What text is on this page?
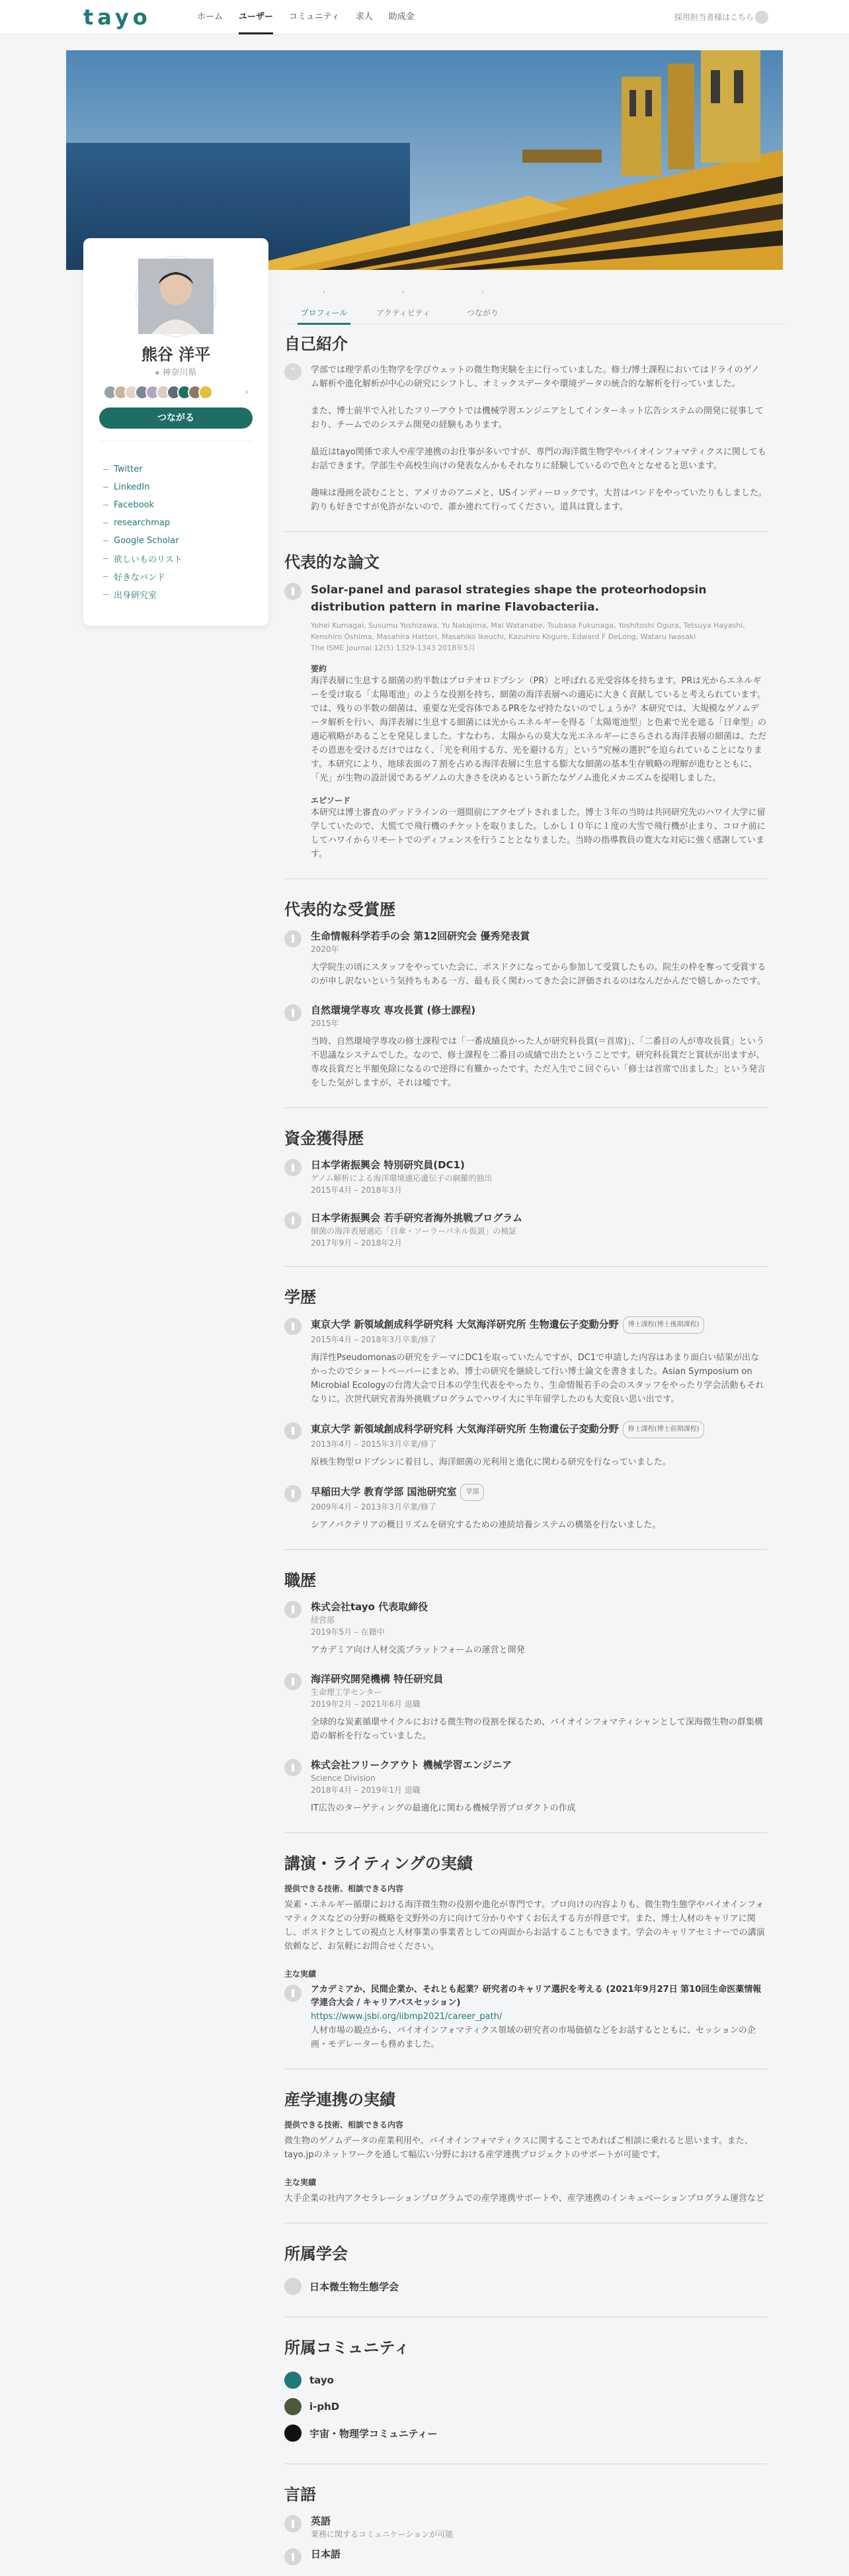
tayo	ホーム ユーザー コミュニティ 求人 助成金	採用担当者様はこちら
熊谷 洋平
⦁ 神奈川県
›
つながる
Twitter
LinkedIn
Facebook
researchmap
Google Scholar
欲しいものリスト
好きなバンド
出身研究室
›
プロフィール
›
アクティビティ
›
つながり
自己紹介
“	学部では理学系の生物学を学びウェットの微生物実験を主に行っていました。修士/博士課程においてはドライのゲノム解析や進化解析が中心の研究にシフトし、オミックスデータや環境データの統合的な解析を行っていました。

また、博士前半で入社したフリーアウトでは機械学習エンジニアとしてインターネット広告システムの開発に従事しており、チームでのシステム開発の経験もあります。

最近はtayo関係で求人や産学連携のお仕事が多いですが、専門の海洋微生物学やバイオインフォマティクスに関してもお話できます。学部生や高校生向けの発表なんかもそれなりに経験しているので色々となせると思います。

趣味は漫画を読むことと、アメリカのアニメと、USインディーロックです。大昔はバンドをやっていたりもしました。釣りも好きですが免許がないので、誰か連れて行ってください。道具は貸します。

代表的な論文
Solar-panel and parasol strategies shape the proteorhodopsin distribution pattern in marine Flavobacteriia.
Yohei Kumagai, Susumu Yoshizawa, Yu Nakajima, Mai Watanabe, Tsubasa Fukunaga, Yoshitoshi Ogura, Tetsuya Hayashi, Kenshiro Oshima, Masahira Hattori, Masahiko Ikeuchi, Kazuhiro Kogure, Edward F DeLong, Wataru Iwasaki
The ISME Journal 12(5) 1329-1343 2018年5月
要約
海洋表層に生息する細菌の約半数はプロテオロドプシン（PR）と呼ばれる光受容体を持ちます。PRは光からエネルギーを受け取る「太陽電池」のような役割を持ち、細菌の海洋表層への適応に大きく貢献していると考えられています。では、残りの半数の細菌は、重要な光受容体であるPRをなぜ持たないのでしょうか？本研究では、大規模なゲノムデータ解析を行い、海洋表層に生息する細菌には光からエネルギーを得る「太陽電池型」と色素で光を遮る「日傘型」の適応戦略があることを発見しました。すなわち、太陽からの莫大な光エネルギーにさらされる海洋表層の細菌は、ただその恩恵を受けるだけではなく、「光を利用する方、光を避ける方」という“究極の選択”を迫られていることになります。本研究により、地球表面の７割を占める海洋表層に生息する膨大な細菌の基本生存戦略の理解が進むとともに、「光」が生物の設計図であるゲノムの大きさを決めるという新たなゲノム進化メカニズムを提唱しました。
エピソード
本研究は博士審査のデッドラインの一週間前にアクセプトされました。博士３年の当時は共同研究先のハワイ大学に留学していたので、大慌てで飛行機のチケットを取りました。しかし１０年に１度の大雪で飛行機が止まり、コロナ前にしてハワイからリモートでのディフェンスを行うこととなりました。当時の指導教員の寛大な対応に強く感謝しています。
代表的な受賞歴
生命情報科学若手の会 第12回研究会 優秀発表賞
2020年
大学院生の頃にスタッフをやっていた会に、ポスドクになってから参加して受賞したもの。院生の枠を奪って受賞するのが申し訳ないという気持ちもある一方、最も長く関わってきた会に評価されるのはなんだかんだで嬉しかったです。
自然環境学専攻 専攻長賞 (修士課程)
2015年
当時、自然環境学専攻の修士課程では「一番成績良かった人が研究科長賞(＝首席)」、「二番目の人が専攻長賞」という不思議なシステムでした。なので、修士課程を二番目の成績で出たということです。研究科長賞だと賞状が出ますが、専攻長賞だと半額免除になるので逆得に有難かったです。ただ入生でこ回ぐらい「修士は首席で出ました」という発言をした気がしますが、それは嘘です。
資金獲得歴
日本学術振興会 特別研究員(DC1)
ゲノム解析による海洋環境適応遺伝子の網羅的抽出
2015年4月 – 2018年3月
日本学術振興会 若手研究者海外挑戦プログラム
細菌の海洋表層適応「日傘・ソーラーパネル仮説」の検証
2017年9月 – 2018年2月
学歴
東京大学 新領域創成科学研究科 大気海洋研究所 生物遺伝子変動分野 博士課程(博士後期課程)
2015年4月 – 2018年3月卒業/修了
海洋性Pseudomonasの研究をテーマにDC1を取っていたんですが、DC1で申請した内容はあまり面白い結果が出なかったのでショートペーパーにまとめ、博士の研究を継続して行い博士論文を書きました。Asian Symposium on Microbial Ecologyの台湾大会で日本の学生代表をやったり、生命情報若手の会のスタッフをやったり学会活動もそれなりに。次世代研究者海外挑戦プログラムでハワイ大に半年留学したのも大変良い思い出です。
東京大学 新領域創成科学研究科 大気海洋研究所 生物遺伝子変動分野 修士課程(博士前期課程)
2013年4月 – 2015年3月卒業/修了
原核生物型ロドプシンに着目し、海洋細菌の光利用と進化に関わる研究を行なっていました。
早稲田大学 教育学部 国池研究室 学部
2009年4月 – 2013年3月卒業/修了
シアノバクテリアの概日リズムを研究するための連続培養システムの構築を行ないました。
職歴
株式会社tayo 代表取締役
経営部
2019年5月 – 在籍中
アカデミア向け人材交流プラットフォームの運営と開発
海洋研究開発機構 特任研究員
生命理工学センター
2019年2月 – 2021年6月 退職
全球的な炭素循環サイクルにおける微生物の役割を探るため、バイオインフォマティシャンとして深海微生物の群集構造の解析を行なっていました。
株式会社フリークアウト 機械学習エンジニア
Science Division
2018年4月 – 2019年1月 退職
IT広告のターゲティングの最適化に関わる機械学習プロダクトの作成
講演・ライティングの実績
提供できる技術、相談できる内容
炭素・エネルギー循環における海洋微生物の役割や進化が専門です。プロ向けの内容よりも、微生物生態学やバイオインフォマティクスなどの分野の概略を文野外の方に向けて分かりやすくお伝えする方が得意です。また、博士人材のキャリアに関し、ポスドクとしての視点と人材事業の事業者としての両面からお話することもできます。学会のキャリアセミナーでの講演依頼など、お気軽にお問合せください。
主な実績
アカデミアか、民間企業か、それとも起業？研究者のキャリア選択を考える (2021年9月27日 第10回生命医薬情報学連合大会 / キャリアパスセッション)
https://www.jsbi.org/iibmp2021/career_path/
人材市場の観点から、バイオインフォマティクス領域の研究者の市場価値などをお話するとともに、セッションの企画・モデレーターも務めました。
産学連携の実績
提供できる技術、相談できる内容
微生物のゲノムデータの産業利用や、バイオインフォマティクスに関することであればご相談に乗れると思います。また、tayo.jpのネットワークを通して幅広い分野における産学連携プロジェクトのサポートが可能です。
主な実績
大手企業の社内アクセラレーションプログラムでの産学連携サポートや、産学連携のインキュベーションプログラム運営など
所属学会
日本微生物生態学会
所属コミュニティ
tayo
i-phD
宇宙・物理学コミュニティー
言語
英語
業務に関するコミュニケーションが可能
日本語
